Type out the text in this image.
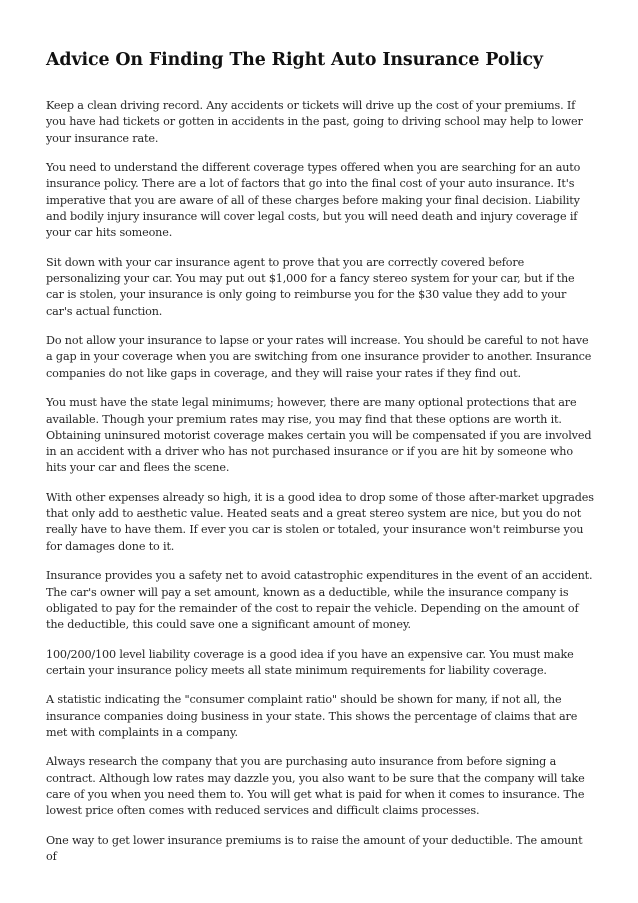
Advice On Finding The Right Auto Insurance Policy

Keep a clean driving record. Any accidents or tickets will drive up the cost of your premiums. If you have had tickets or gotten in accidents in the past, going to driving school may help to lower your insurance rate.

You need to understand the different coverage types offered when you are searching for an auto insurance policy. There are a lot of factors that go into the final cost of your auto insurance. It's imperative that you are aware of all of these charges before making your final decision. Liability and bodily injury insurance will cover legal costs, but you will need death and injury coverage if your car hits someone.

Sit down with your car insurance agent to prove that you are correctly covered before personalizing your car. You may put out $1,000 for a fancy stereo system for your car, but if the car is stolen, your insurance is only going to reimburse you for the $30 value they add to your car's actual function.

Do not allow your insurance to lapse or your rates will increase. You should be careful to not have a gap in your coverage when you are switching from one insurance provider to another. Insurance companies do not like gaps in coverage, and they will raise your rates if they find out.

You must have the state legal minimums; however, there are many optional protections that are available. Though your premium rates may rise, you may find that these options are worth it. Obtaining uninsured motorist coverage makes certain you will be compensated if you are involved in an accident with a driver who has not purchased insurance or if you are hit by someone who hits your car and flees the scene.

With other expenses already so high, it is a good idea to drop some of those after-market upgrades that only add to aesthetic value. Heated seats and a great stereo system are nice, but you do not really have to have them. If ever you car is stolen or totaled, your insurance won't reimburse you for damages done to it.

Insurance provides you a safety net to avoid catastrophic expenditures in the event of an accident. The car's owner will pay a set amount, known as a deductible, while the insurance company is obligated to pay for the remainder of the cost to repair the vehicle. Depending on the amount of the deductible, this could save one a significant amount of money.

100/200/100 level liability coverage is a good idea if you have an expensive car. You must make certain your insurance policy meets all state minimum requirements for liability coverage.

A statistic indicating the "consumer complaint ratio" should be shown for many, if not all, the insurance companies doing business in your state. This shows the percentage of claims that are met with complaints in a company.

Always research the company that you are purchasing auto insurance from before signing a contract. Although low rates may dazzle you, you also want to be sure that the company will take care of you when you need them to. You will get what is paid for when it comes to insurance. The lowest price often comes with reduced services and difficult claims processes.

One way to get lower insurance premiums is to raise the amount of your deductible. The amount of
